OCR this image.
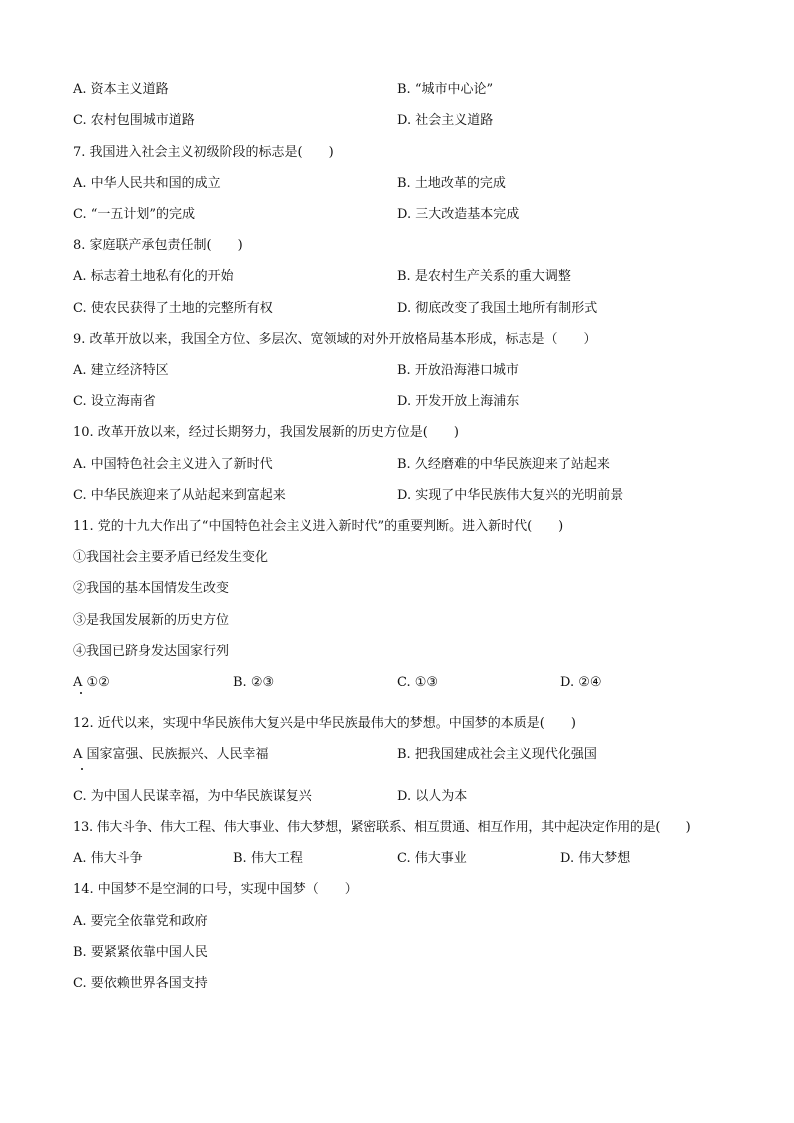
A. 资本主义道路	B. “城市中心论”
C. 农村包围城市道路	D. 社会主义道路
7. 我国进入社会主义初级阶段的标志是(　　)
A. 中华人民共和国的成立	B. 土地改革的完成
C. “一五计划”的完成	D. 三大改造基本完成
8. 家庭联产承包责任制(　　)
A. 标志着土地私有化的开始	B. 是农村生产关系的重大调整
C. 使农民获得了土地的完整所有权	D. 彻底改变了我国土地所有制形式
9. 改革开放以来，我国全方位、多层次、宽领域的对外开放格局基本形成，标志是（　　）
A. 建立经济特区	B. 开放沿海港口城市
C. 设立海南省	D. 开发开放上海浦东
10. 改革开放以来，经过长期努力，我国发展新的历史方位是(　　)
A. 中国特色社会主义进入了新时代	B. 久经磨难的中华民族迎来了站起来
C. 中华民族迎来了从站起来到富起来	D. 实现了中华民族伟大复兴的光明前景
11. 党的十九大作出了“中国特色社会主义进入新时代”的重要判断。进入新时代(　　)
①我国社会主要矛盾已经发生变化
②我国的基本国情发生改变
③是我国发展新的历史方位
④我国已跻身发达国家行列
A ①②	B. ②③	C. ①③	D. ②④
12. 近代以来，实现中华民族伟大复兴是中华民族最伟大的梦想。中国梦的本质是(　　)
A 国家富强、民族振兴、人民幸福	B. 把我国建成社会主义现代化强国
C. 为中国人民谋幸福，为中华民族谋复兴	D. 以人为本
13. 伟大斗争、伟大工程、伟大事业、伟大梦想，紧密联系、相互贯通、相互作用，其中起决定作用的是(　　)
A. 伟大斗争	B. 伟大工程	C. 伟大事业	D. 伟大梦想
14. 中国梦不是空洞的口号，实现中国梦（　　）
A. 要完全依靠党和政府
B. 要紧紧依靠中国人民
C. 要依赖世界各国支持
